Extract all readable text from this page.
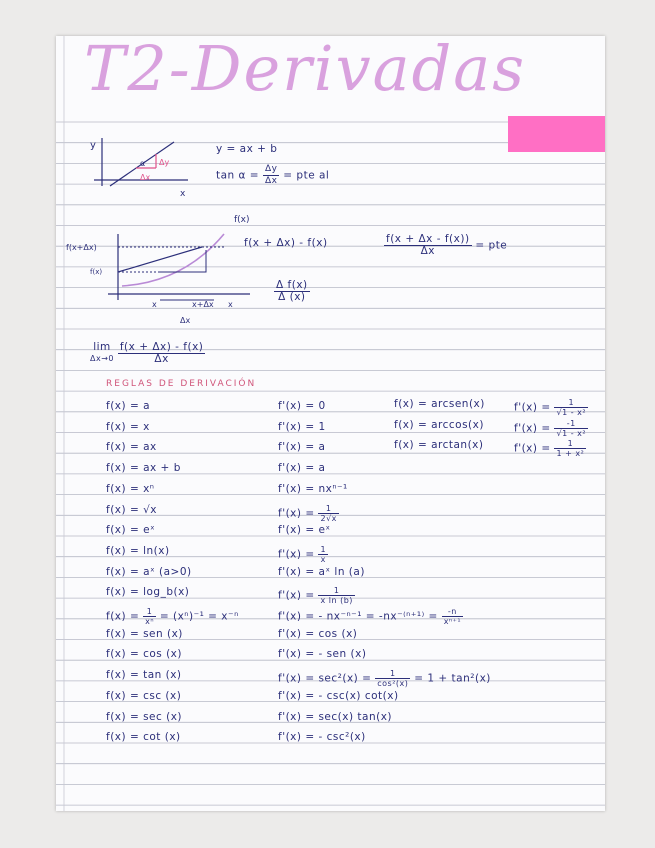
T2-Derivadas
y
x
α Δy
Δx
y = ax + b
$\tan \alpha = \frac{\Delta y}{\Delta x}$ = pte al
f(x)
f(x+Δx)
f(x)
x	x+Δx x
Δx
f(x + Δx) - f(x)	$\frac{f(x + \Delta x - f(x))}{\Delta x}$ = pte
$\frac{\text{Δ f(x)}}{\Delta (x)}$
lim
Δx→0
$\frac{f(x + \Delta x) - f(x)}{\Delta x}$
REGLAS DE DERIVACIÓN
f(x) = a	f'(x) = 0
f(x) = x	f'(x) = 1
f(x) = ax	f'(x) = a
f(x) = ax + b	f'(x) = a
f(x) = xⁿ	f'(x) = nxⁿ⁻¹
f(x) = √x	$f'(x) = \frac{1}{2√x}$
f(x) = eˣ	f'(x) = eˣ
f(x) = ln(x)	$f'(x) = \frac{1}{x}$
f(x) = aˣ (a>0)	f'(x) = aˣ ln (a)
f(x) = log_b(x)	$f'(x) = \frac{1}{\text{x ln (b)}}$
$f(x) = \frac{1}{\text{xⁿ}} = (x^n)^{-1} = x^{-n}$	f'(x) = - $nx^{-n-1} = -nx^{-(n+1)} = \frac{-n}{\text{xⁿ⁺¹}}$
f(x) = sen (x)	f'(x) = cos (x)
f(x) = cos (x)	f'(x) = - sen (x)
f(x) = tan (x)	$f'(x) = \sec^2(x) = \frac{1}{\text{cos²(x)}} = 1 + \tan^2(x)$
f(x) = csc (x)	f'(x) = - csc(x) cot(x)
f(x) = sec (x)	f'(x) = sec(x) tan(x)
f(x) = cot (x)	f'(x) = - csc²(x)
f(x) = arcsen(x)	$f'(x) = \frac{1}{\text{√1 - x²}}$
f(x) = arccos(x)	$f'(x) = \frac{-1}{\text{√1 - x²}}$
f(x) = arctan(x)	$f'(x) = \frac{1}{\text{1 + x²}}$
